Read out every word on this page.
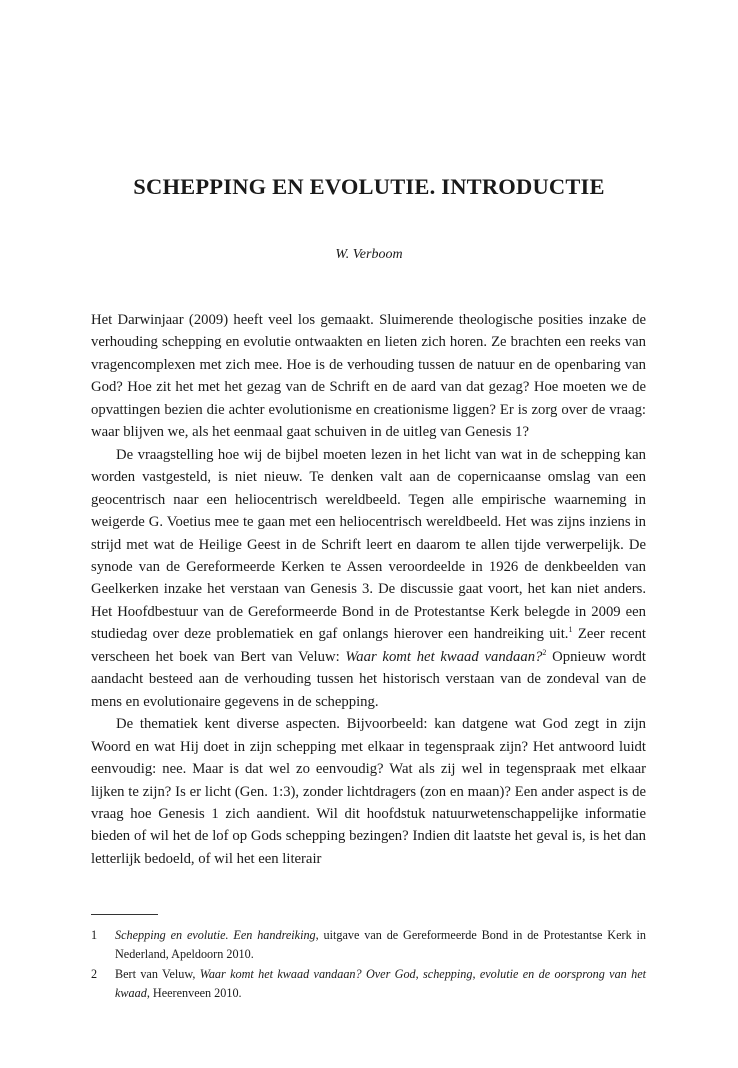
SCHEPPING EN EVOLUTIE. INTRODUCTIE
W. Verboom

Het Darwinjaar (2009) heeft veel los gemaakt. Sluimerende theologische posities inzake de verhouding schepping en evolutie ontwaakten en lieten zich horen. Ze brachten een reeks van vragencomplexen met zich mee. Hoe is de verhouding tussen de natuur en de openbaring van God? Hoe zit het met het gezag van de Schrift en de aard van dat gezag? Hoe moeten we de opvattingen bezien die achter evolutionisme en creationisme liggen? Er is zorg over de vraag: waar blijven we, als het eenmaal gaat schuiven in de uitleg van Genesis 1?

De vraagstelling hoe wij de bijbel moeten lezen in het licht van wat in de schepping kan worden vastgesteld, is niet nieuw. Te denken valt aan de copernicaanse omslag van een geocentrisch naar een heliocentrisch wereldbeeld. Tegen alle empirische waarneming in weigerde G. Voetius mee te gaan met een heliocentrisch wereldbeeld. Het was zijns inziens in strijd met wat de Heilige Geest in de Schrift leert en daarom te allen tijde verwerpelijk. De synode van de Gereformeerde Kerken te Assen veroordeelde in 1926 de denkbeelden van Geelkerken inzake het verstaan van Genesis 3. De discussie gaat voort, het kan niet anders. Het Hoofdbestuur van de Gereformeerde Bond in de Protestantse Kerk belegde in 2009 een studiedag over deze problematiek en gaf onlangs hierover een handreiking uit.$^1$ Zeer recent verscheen het boek van Bert van Veluw: Waar komt het kwaad vandaan?$^2$ Opnieuw wordt aandacht besteed aan de verhouding tussen het historisch verstaan van de zondeval van de mens en evolutionaire gegevens in de schepping.

De thematiek kent diverse aspecten. Bijvoorbeeld: kan datgene wat God zegt in zijn Woord en wat Hij doet in zijn schepping met elkaar in tegenspraak zijn? Het antwoord luidt eenvoudig: nee. Maar is dat wel zo eenvoudig? Wat als zij wel in tegenspraak met elkaar lijken te zijn? Is er licht (Gen. 1:3), zonder lichtdragers (zon en maan)? Een ander aspect is de vraag hoe Genesis 1 zich aandient. Wil dit hoofdstuk natuurwetenschappelijke informatie bieden of wil het de lof op Gods schepping bezingen? Indien dit laatste het geval is, is het dan letterlijk bedoeld, of wil het een literair

1	Schepping en evolutie. Een handreiking, uitgave van de Gereformeerde Bond in de Protestantse Kerk in Nederland, Apeldoorn 2010.
2	Bert van Veluw, Waar komt het kwaad vandaan? Over God, schepping, evolutie en de oorsprong van het kwaad, Heerenveen 2010.
